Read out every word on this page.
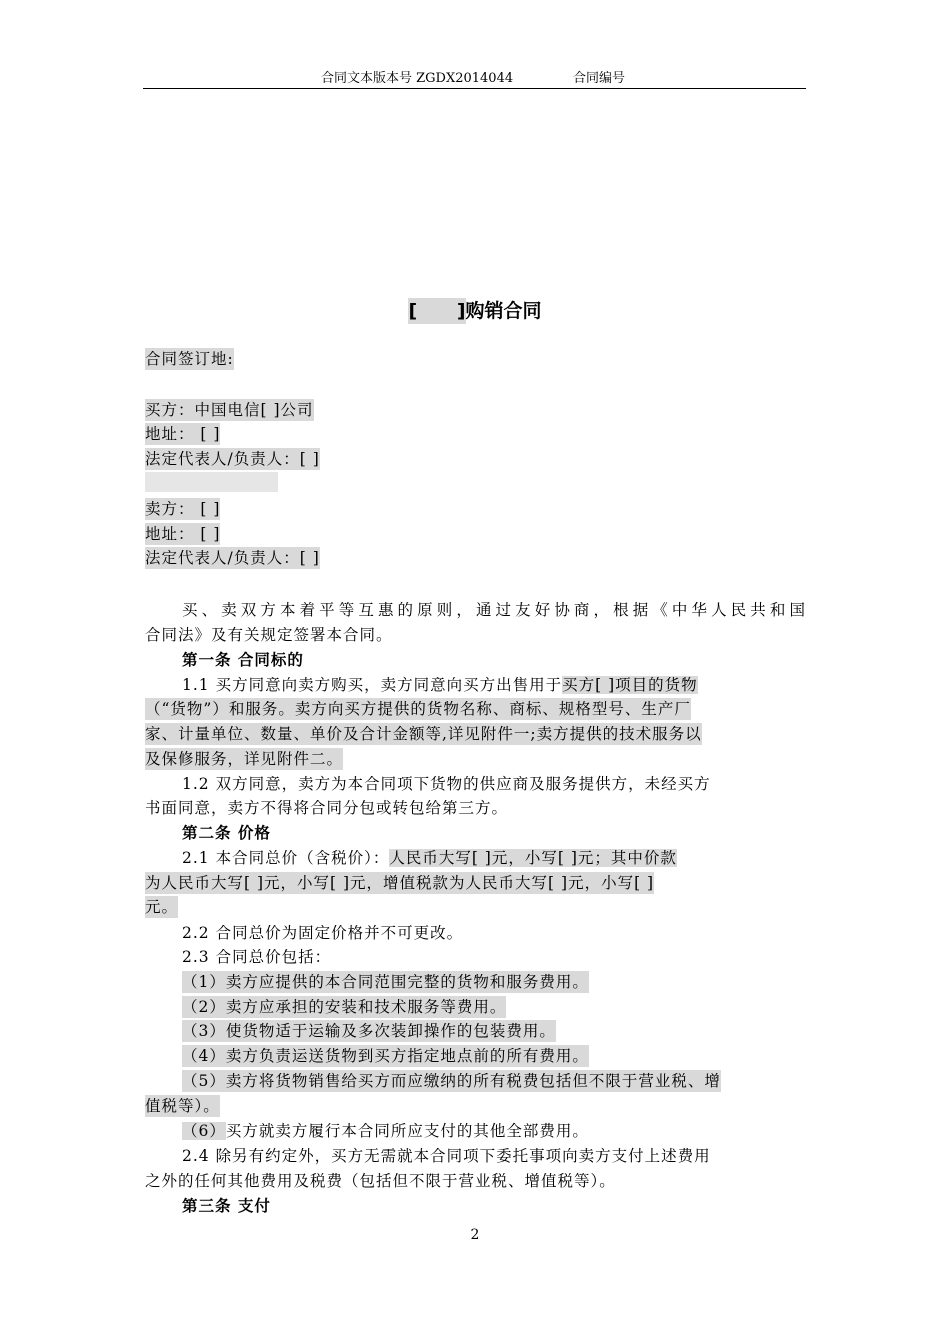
合同文本版本号 ZGDX2014044	合同编号
[      ]购销合同
合同签订地:
买方：中国电信[ ]公司
地址： [ ]
法定代表人/负责人：[ ]
卖方： [ ]
地址： [ ]
法定代表人/负责人：[ ]
买、卖双方本着平等互惠的原则，通过友好协商，根据《中华人民共和国
合同法》及有关规定签署本合同。
第一条 合同标的
1.1 买方同意向卖方购买，卖方同意向买方出售用于买方[ ]项目的货物
（“货物”）和服务。卖方向买方提供的货物名称、商标、规格型号、生产厂
家、计量单位、数量、单价及合计金额等,详见附件一;卖方提供的技术服务以
及保修服务，详见附件二。
1.2 双方同意，卖方为本合同项下货物的供应商及服务提供方，未经买方
书面同意，卖方不得将合同分包或转包给第三方。
第二条 价格
2.1 本合同总价（含税价）：人民币大写[ ]元，小写[ ]元；其中价款
为人民币大写[ ]元，小写[ ]元，增值税款为人民币大写[ ]元，小写[ ]
元。
2.2 合同总价为固定价格并不可更改。
2.3 合同总价包括：
（1）卖方应提供的本合同范围完整的货物和服务费用。
（2）卖方应承担的安装和技术服务等费用。
（3）使货物适于运输及多次装卸操作的包装费用。
（4）卖方负责运送货物到买方指定地点前的所有费用。
（5）卖方将货物销售给买方而应缴纳的所有税费包括但不限于营业税、增
值税等）。
（6）买方就卖方履行本合同所应支付的其他全部费用。
2.4 除另有约定外，买方无需就本合同项下委托事项向卖方支付上述费用
之外的任何其他费用及税费（包括但不限于营业税、增值税等）。
第三条 支付
2
